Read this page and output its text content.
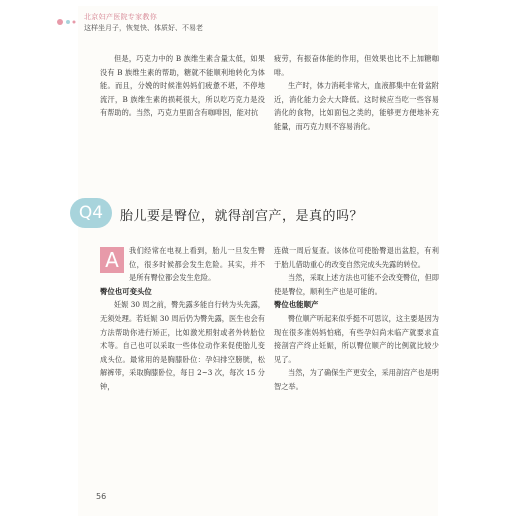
北京妇产医院专家教你
这样坐月子，恢复快、体质好、不易老

但是，巧克力中的 B 族维生素含量太低，如果没有 B 族维生素的帮助，糖就不能顺利地转化为体能。而且，分娩的时候准妈妈们疲惫不堪，不停地流汗，B 族维生素的损耗很大，所以吃巧克力是没有帮助的。当然，巧克力里面含有咖啡因，能对抗

疲劳，有振奋体能的作用，但效果也比不上加糖咖啡。

生产时，体力消耗非常大，血液都集中在骨盆附近，消化能力会大大降低。这时候应当吃一些容易消化的食物，比如面包之类的，能够更方便地补充能量，而巧克力则不容易消化。

Q4	胎儿要是臀位，就得剖宫产，是真的吗？

A	我们经常在电视上看到，胎儿一旦发生臀位，很多时候都会发生危险。其实，并不是所有臀位都会发生危险。

臀位也可变头位

妊娠 30 周之前，臀先露多能自行转为头先露，无须处理。若妊娠 30 周后仍为臀先露，医生也会有方法帮助你进行矫正，比如激光照射或者外转胎位术等。自己也可以采取一些体位动作来促使胎儿变成头位。最常用的是胸膝卧位：孕妇排空膀胱，松解裤带，采取胸膝卧位，每日 2~3 次，每次 15 分钟，

连做一周后复查。该体位可使胎臀退出盆腔，有利于胎儿借助重心的改变自然完成头先露的转位。

当然，采取上述方法也可能不会改变臀位，但即使是臀位，顺利生产也是可能的。

臀位也能顺产

臀位顺产听起来似乎挺不可思议，这主要是因为现在很多准妈妈怕痛，有些孕妇尚未临产就要求直接剖宫产终止妊娠，所以臀位顺产的比例就比较少见了。

当然，为了确保生产更安全，采用剖宫产也是明智之举。

56
